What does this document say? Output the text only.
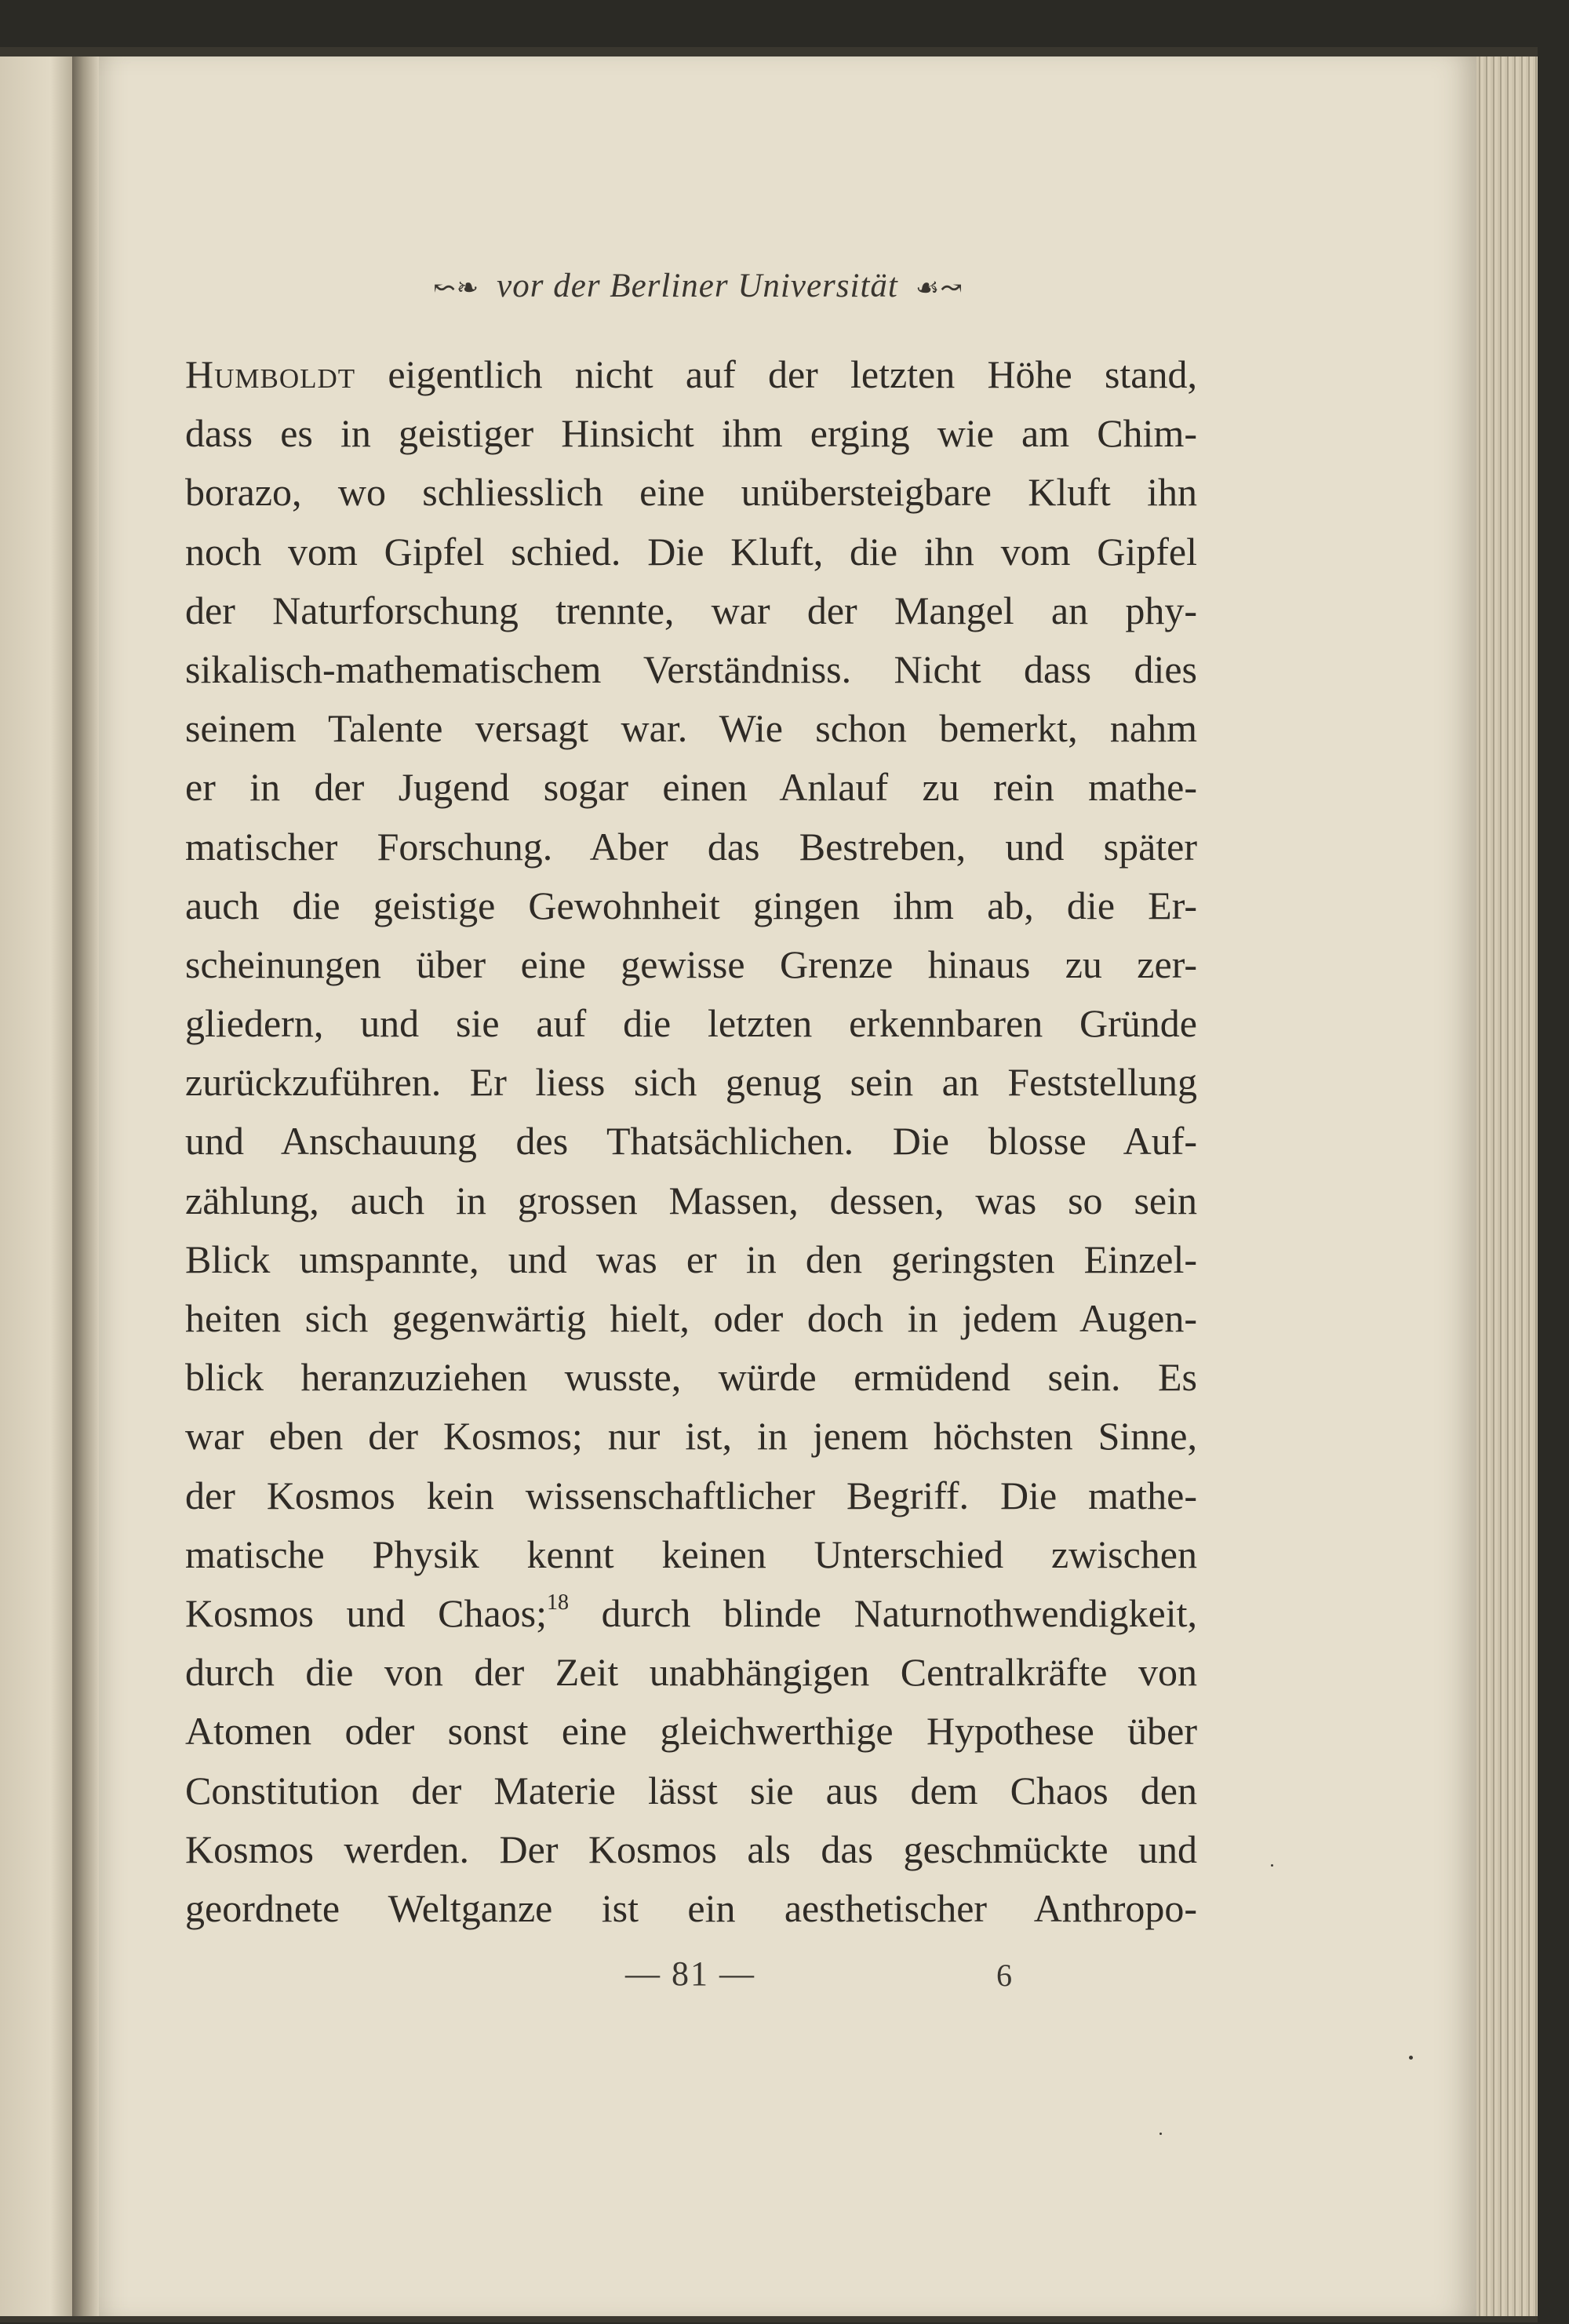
↜❧ vor der Berliner Universität ☙↝
Humboldt eigentlich nicht auf der letzten Höhe stand,
dass es in geistiger Hinsicht ihm erging wie am Chim-
borazo, wo schliesslich eine unübersteigbare Kluft ihn
noch vom Gipfel schied. Die Kluft, die ihn vom Gipfel
der Naturforschung trennte, war der Mangel an phy-
sikalisch-mathematischem Verständniss. Nicht dass dies
seinem Talente versagt war. Wie schon bemerkt, nahm
er in der Jugend sogar einen Anlauf zu rein mathe-
matischer Forschung. Aber das Bestreben, und später
auch die geistige Gewohnheit gingen ihm ab, die Er-
scheinungen über eine gewisse Grenze hinaus zu zer-
gliedern, und sie auf die letzten erkennbaren Gründe
zurückzuführen. Er liess sich genug sein an Feststellung
und Anschauung des Thatsächlichen. Die blosse Auf-
zählung, auch in grossen Massen, dessen, was so sein
Blick umspannte, und was er in den geringsten Einzel-
heiten sich gegenwärtig hielt, oder doch in jedem Augen-
blick heranzuziehen wusste, würde ermüdend sein. Es
war eben der Kosmos; nur ist, in jenem höchsten Sinne,
der Kosmos kein wissenschaftlicher Begriff. Die mathe-
matische Physik kennt keinen Unterschied zwischen
Kosmos und Chaos;$^{18}$ durch blinde Naturnothwendigkeit,
durch die von der Zeit unabhängigen Centralkräfte von
Atomen oder sonst eine gleichwerthige Hypothese über
Constitution der Materie lässt sie aus dem Chaos den
Kosmos werden. Der Kosmos als das geschmückte und
geordnete Weltganze ist ein aesthetischer Anthropo-
— 81 —	6
